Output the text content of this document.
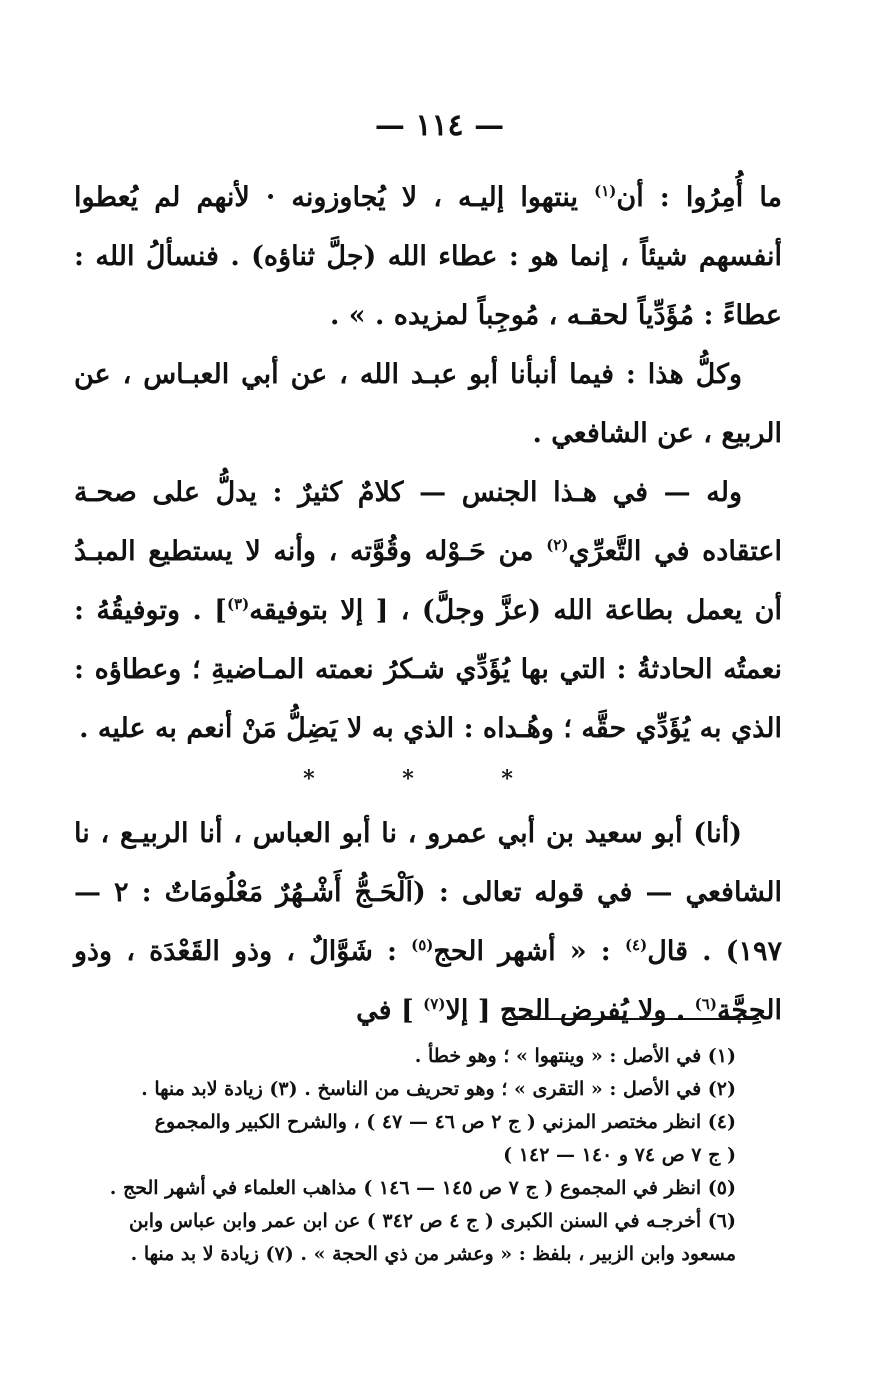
— ١١٤ —

ما أُمِرُوا : أن$^{(١)}$ ينتهوا إليـه ، لا يُجاوزونه · لأنهم لم يُعطوا أنفسهم شيئاً ، إنما هو : عطاء الله (جلَّ ثناؤه) . فنسألُ الله : عطاءً : مُؤَدِّياً لحقـه ، مُوجِباً لمزيده . » .

وكلُّ هذا : فيما أنبأنا أبو عبـد الله ، عن أبي العبـاس ، عن الربيع ، عن الشافعي .

وله — في هـذا الجنس — كلامٌ كثيرٌ : يدلُّ على صحـة اعتقاده في التَّعرِّي$^{(٢)}$ من حَـوْله وقُوَّته ، وأنه لا يستطيع المبـدُ أن يعمل بطاعة الله (عزَّ وجلَّ) ، [ إلا بتوفيقه$^{(٣)}$] . وتوفيقُهُ : نعمتُه الحادثةُ : التي بها يُؤَدِّي شـكرُ نعمته المـاضيةِ ؛ وعطاؤه : الذي به يُؤَدِّي حقَّه ؛ وهُـداه : الذي به لا يَضِلُّ مَنْ أنعم به عليه .

* * *

(أنا) أبو سعيد بن أبي عمرو ، نا أبو العباس ، أنا الربيـع ، نا الشافعي — في قوله تعالى : (اَلْحَـجُّ أَشْـهُرٌ مَعْلُومَاتٌ : ٢ — ١٩٧) . قال$^{(٤)}$ : « أشهر الحج$^{(٥)}$ : شَوَّالٌ ، وذو القَعْدَة ، وذو الحِجَّة$^{(٦)}$ . ولا يُفرض الحج [ إلا$^{(٧)}$ ] في

(١) في الأصل : « وينتهوا » ؛ وهو خطأ .

(٢) في الأصل : « التقرى » ؛ وهو تحريف من الناسخ . (٣) زيادة لابد منها .

(٤) انظر مختصر المزني ( ج ٢ ص ٤٦ — ٤٧ ) ، والشرح الكبير والمجموع

( ج ٧ ص ٧٤ و ١٤٠ — ١٤٢ )

(٥) انظر في المجموع ( ج ٧ ص ١٤٥ — ١٤٦ ) مذاهب العلماء في أشهر الحج .

(٦) أخرجـه في السنن الكبرى ( ج ٤ ص ٣٤٢ ) عن ابن عمر وابن عباس وابن

مسعود وابن الزبير ، بلفظ : « وعشر من ذي الحجة » . (٧) زيادة لا بد منها .
